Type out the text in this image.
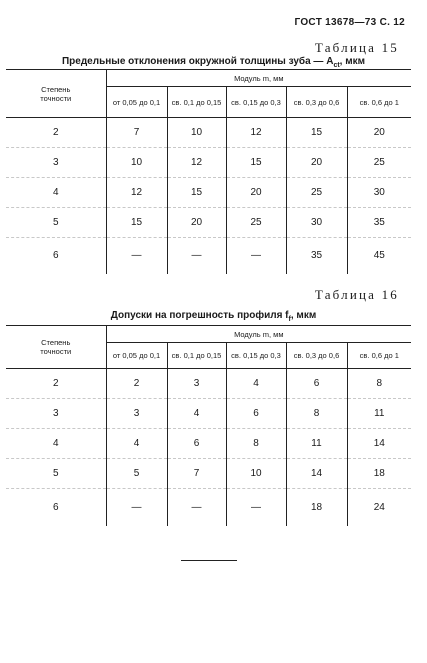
ГОСТ 13678—73 С. 12
Таблица 15
Предельные отклонения окружной толщины зуба — $A_{ct}$, мкм
Степень точности	Модуль m, мм				
	от 0,05 до 0,1	св. 0,1 до 0,15	св. 0,15 до 0,3	св. 0,3 до 0,6	св. 0,6 до 1
2	7	10	12	15	20
3	10	12	15	20	25
4	12	15	20	25	30
5	15	20	25	30	35
6	—	—	—	35	45
Таблица 16
Допуски на погрешность профиля $f_f$, мкм
Степень точности	Модуль m, мм				
	от 0,05 до 0,1	св. 0,1 до 0,15	св. 0,15 до 0,3	св. 0,3 до 0,6	св. 0,6 до 1
2	2	3	4	6	8
3	3	4	6	8	11
4	4	6	8	11	14
5	5	7	10	14	18
6	—	—	—	18	24
